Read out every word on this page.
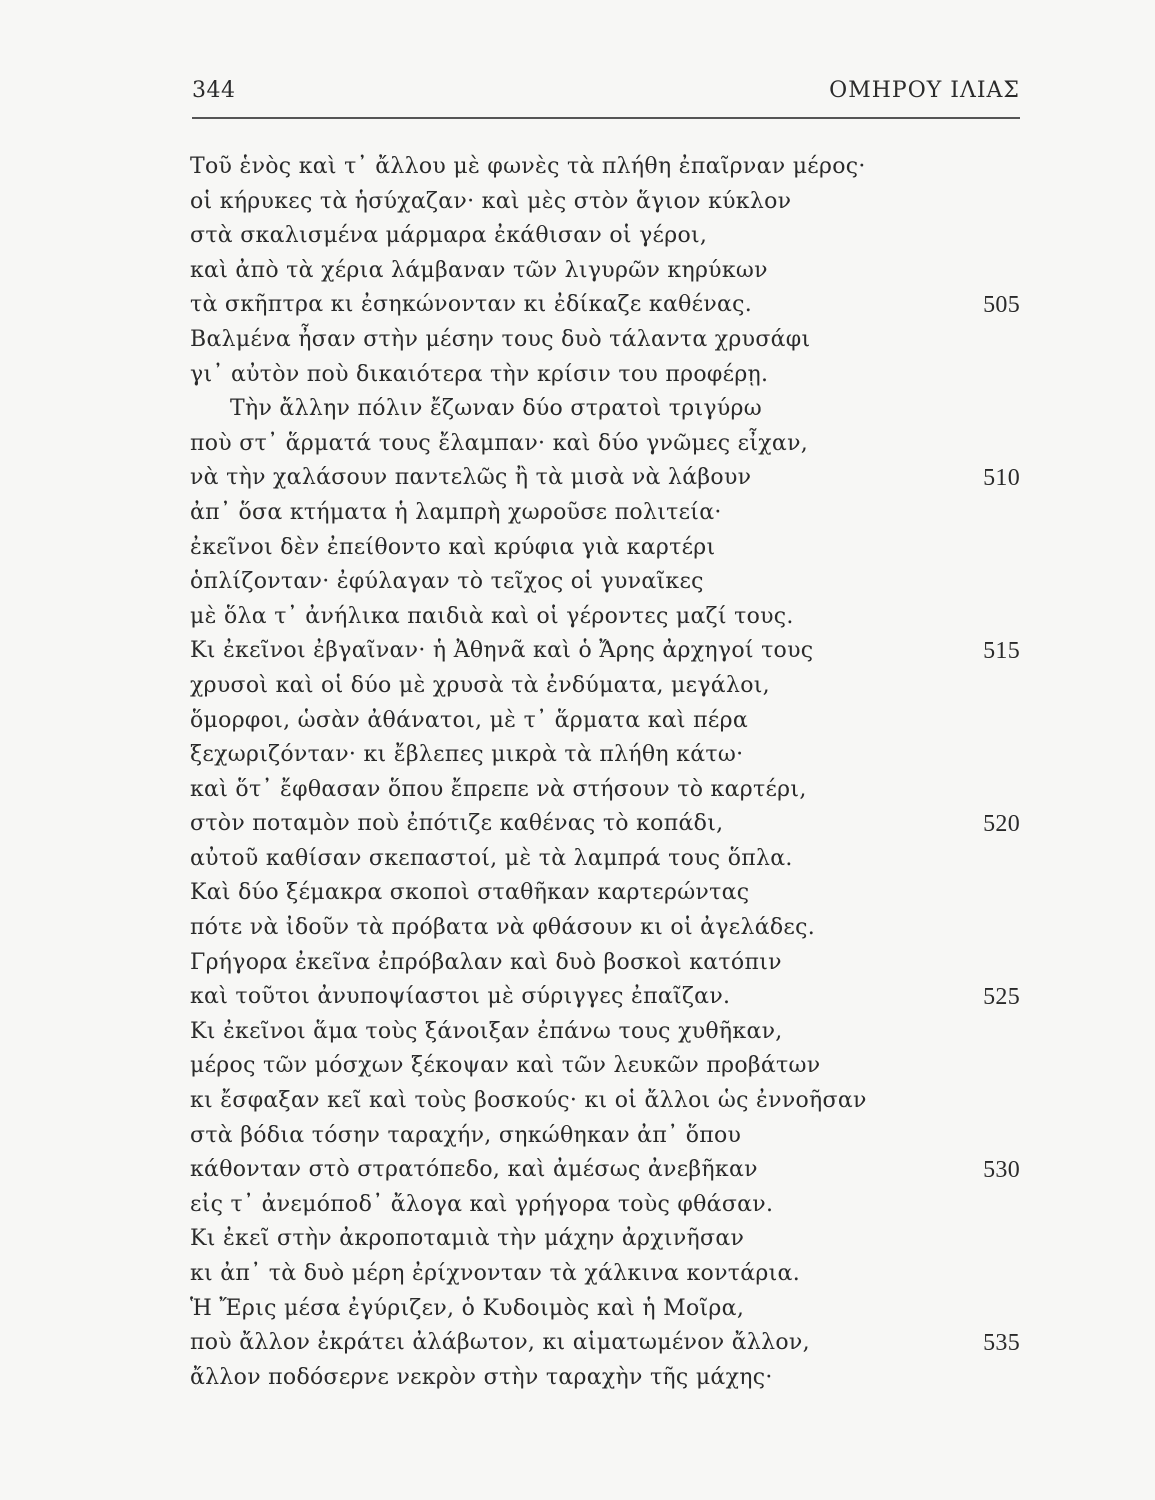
344	ΟΜΗΡΟΥ ΙΛΙΑΣ
Τοῦ ἑνὸς καὶ τ᾽ ἄλλου μὲ φωνὲς τὰ πλήθη ἐπαῖρναν μέρος·
οἱ κήρυκες τὰ ἡσύχαζαν· καὶ μὲς στὸν ἅγιον κύκλον
στὰ σκαλισμένα μάρμαρα ἐκάθισαν οἱ γέροι,
καὶ ἀπὸ τὰ χέρια λάμβαναν τῶν λιγυρῶν κηρύκων
τὰ σκῆπτρα κι ἐσηκώνονταν κι ἐδίκαζε καθένας.	505
Βαλμένα ἦσαν στὴν μέσην τους δυὸ τάλαντα χρυσάφι
γι᾽ αὐτὸν ποὺ δικαιότερα τὴν κρίσιν του προφέρῃ.
Τὴν ἄλλην πόλιν ἔζωναν δύο στρατοὶ τριγύρω
ποὺ στ᾽ ἅρματά τους ἔλαμπαν· καὶ δύο γνῶμες εἶχαν,
νὰ τὴν χαλάσουν παντελῶς ἢ τὰ μισὰ νὰ λάβουν	510
ἀπ᾽ ὅσα κτήματα ἡ λαμπρὴ χωροῦσε πολιτεία·
ἐκεῖνοι δὲν ἐπείθοντο καὶ κρύφια γιὰ καρτέρι
ὁπλίζονταν· ἐφύλαγαν τὸ τεῖχος οἱ γυναῖκες
μὲ ὅλα τ᾽ ἀνήλικα παιδιὰ καὶ οἱ γέροντες μαζί τους.
Κι ἐκεῖνοι ἐβγαῖναν· ἡ Ἀθηνᾶ καὶ ὁ Ἄρης ἀρχηγοί τους	515
χρυσοὶ καὶ οἱ δύο μὲ χρυσὰ τὰ ἐνδύματα, μεγάλοι,
ὅμορφοι, ὡσὰν ἀθάνατοι, μὲ τ᾽ ἅρματα καὶ πέρα
ξεχωριζόνταν· κι ἔβλεπες μικρὰ τὰ πλήθη κάτω·
καὶ ὅτ᾽ ἔφθασαν ὅπου ἔπρεπε νὰ στήσουν τὸ καρτέρι,
στὸν ποταμὸν ποὺ ἐπότιζε καθένας τὸ κοπάδι,	520
αὐτοῦ καθίσαν σκεπαστοί, μὲ τὰ λαμπρά τους ὅπλα.
Καὶ δύο ξέμακρα σκοποὶ σταθῆκαν καρτερώντας
πότε νὰ ἰδοῦν τὰ πρόβατα νὰ φθάσουν κι οἱ ἀγελάδες.
Γρήγορα ἐκεῖνα ἐπρόβαλαν καὶ δυὸ βοσκοὶ κατόπιν
καὶ τοῦτοι ἀνυποψίαστοι μὲ σύριγγες ἐπαῖζαν.	525
Κι ἐκεῖνοι ἅμα τοὺς ξάνοιξαν ἐπάνω τους χυθῆκαν,
μέρος τῶν μόσχων ξέκοψαν καὶ τῶν λευκῶν προβάτων
κι ἔσφαξαν κεῖ καὶ τοὺς βοσκούς· κι οἱ ἄλλοι ὡς ἐννοῆσαν
στὰ βόδια τόσην ταραχήν, σηκώθηκαν ἀπ᾽ ὅπου
κάθονταν στὸ στρατόπεδο, καὶ ἀμέσως ἀνεβῆκαν	530
εἰς τ᾽ ἀνεμόποδ᾽ ἄλογα καὶ γρήγορα τοὺς φθάσαν.
Κι ἐκεῖ στὴν ἀκροποταμιὰ τὴν μάχην ἀρχινῆσαν
κι ἀπ᾽ τὰ δυὸ μέρη ἐρίχνονταν τὰ χάλκινα κοντάρια.
Ἡ Ἔρις μέσα ἐγύριζεν, ὁ Κυδοιμὸς καὶ ἡ Μοῖρα,
ποὺ ἄλλον ἐκράτει ἀλάβωτον, κι αἱματωμένον ἄλλον,	535
ἄλλον ποδόσερνε νεκρὸν στὴν ταραχὴν τῆς μάχης·
